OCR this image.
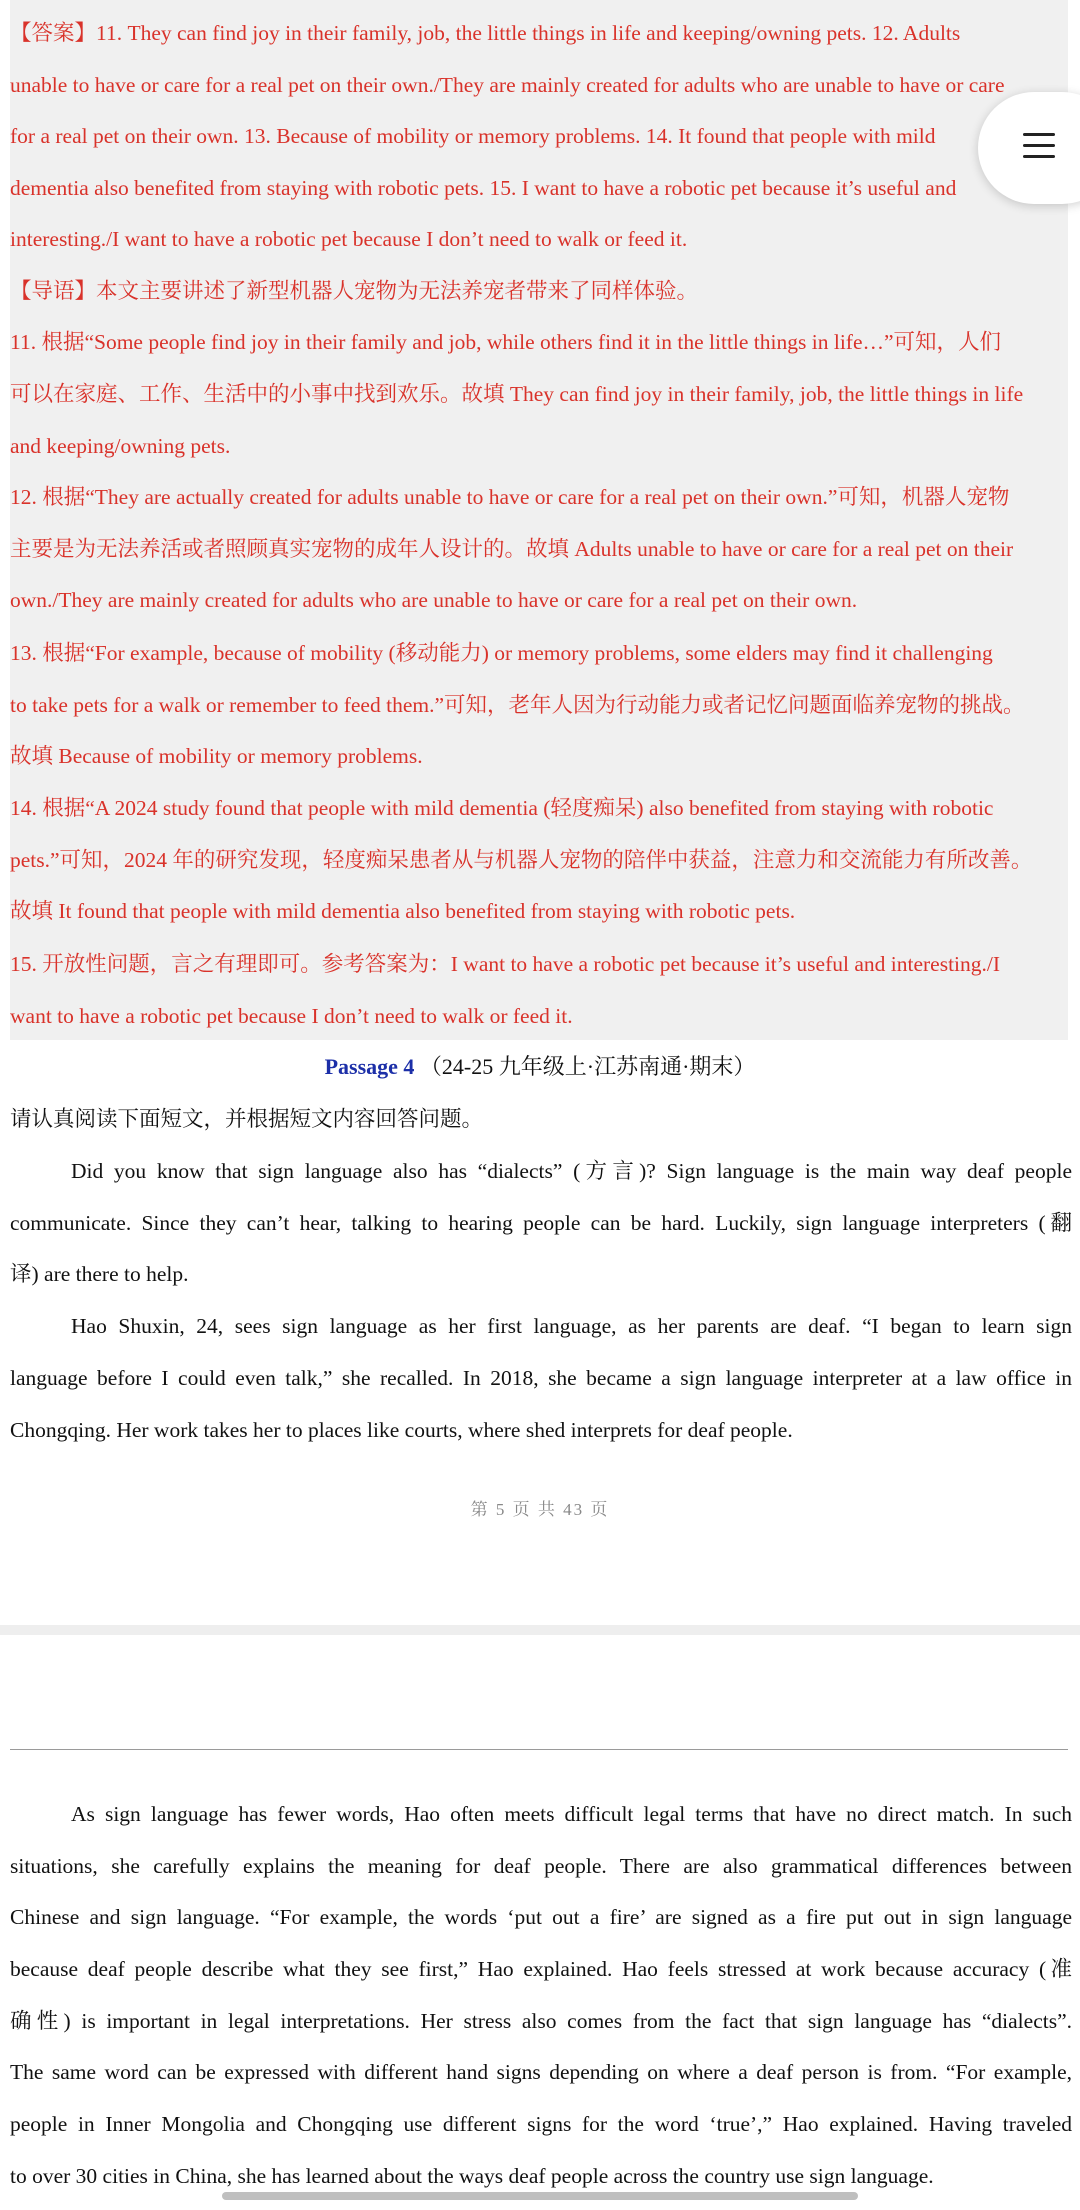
【答案】11. They can find joy in their family, job, the little things in life and keeping/owning pets. 12. Adults
unable to have or care for a real pet on their own./They are mainly created for adults who are unable to have or care
for a real pet on their own. 13. Because of mobility or memory problems. 14. It found that people with mild
dementia also benefited from staying with robotic pets. 15. I want to have a robotic pet because it’s useful and
interesting./I want to have a robotic pet because I don’t need to walk or feed it.
【导语】本文主要讲述了新型机器人宠物为无法养宠者带来了同样体验。
11. 根据“Some people find joy in their family and job, while others find it in the little things in life…”可知，人们
可以在家庭、工作、生活中的小事中找到欢乐。故填 They can find joy in their family, job, the little things in life
and keeping/owning pets.
12. 根据“They are actually created for adults unable to have or care for a real pet on their own.”可知，机器人宠物
主要是为无法养活或者照顾真实宠物的成年人设计的。故填 Adults unable to have or care for a real pet on their
own./They are mainly created for adults who are unable to have or care for a real pet on their own.
13. 根据“For example, because of mobility (移动能力) or memory problems, some elders may find it challenging
to take pets for a walk or remember to feed them.”可知，老年人因为行动能力或者记忆问题面临养宠物的挑战。
故填 Because of mobility or memory problems.
14. 根据“A 2024 study found that people with mild dementia (轻度痴呆) also benefited from staying with robotic
pets.”可知，2024 年的研究发现，轻度痴呆患者从与机器人宠物的陪伴中获益，注意力和交流能力有所改善。
故填 It found that people with mild dementia also benefited from staying with robotic pets.
15. 开放性问题，言之有理即可。参考答案为：I want to have a robotic pet because it’s useful and interesting./I
want to have a robotic pet because I don’t need to walk or feed it.
Passage 4 （24-25 九年级上·江苏南通·期末）
请认真阅读下面短文，并根据短文内容回答问题。
Did you know that sign language also has “dialects” (方言)? Sign language is the main way deaf people
communicate. Since they can’t hear, talking to hearing people can be hard. Luckily, sign language interpreters (翻
译) are there to help.
Hao Shuxin, 24, sees sign language as her first language, as her parents are deaf. “I began to learn sign
language before I could even talk,” she recalled. In 2018, she became a sign language interpreter at a law office in
Chongqing. Her work takes her to places like courts, where shed interprets for deaf people.
第 5 页 共 43 页
As sign language has fewer words, Hao often meets difficult legal terms that have no direct match. In such
situations, she carefully explains the meaning for deaf people. There are also grammatical differences between
Chinese and sign language. “For example, the words ‘put out a fire’ are signed as a fire put out in sign language
because deaf people describe what they see first,” Hao explained. Hao feels stressed at work because accuracy (准
确性) is important in legal interpretations. Her stress also comes from the fact that sign language has “dialects”.
The same word can be expressed with different hand signs depending on where a deaf person is from. “For example,
people in Inner Mongolia and Chongqing use different signs for the word ‘true’,” Hao explained. Having traveled
to over 30 cities in China, she has learned about the ways deaf people across the country use sign language.
